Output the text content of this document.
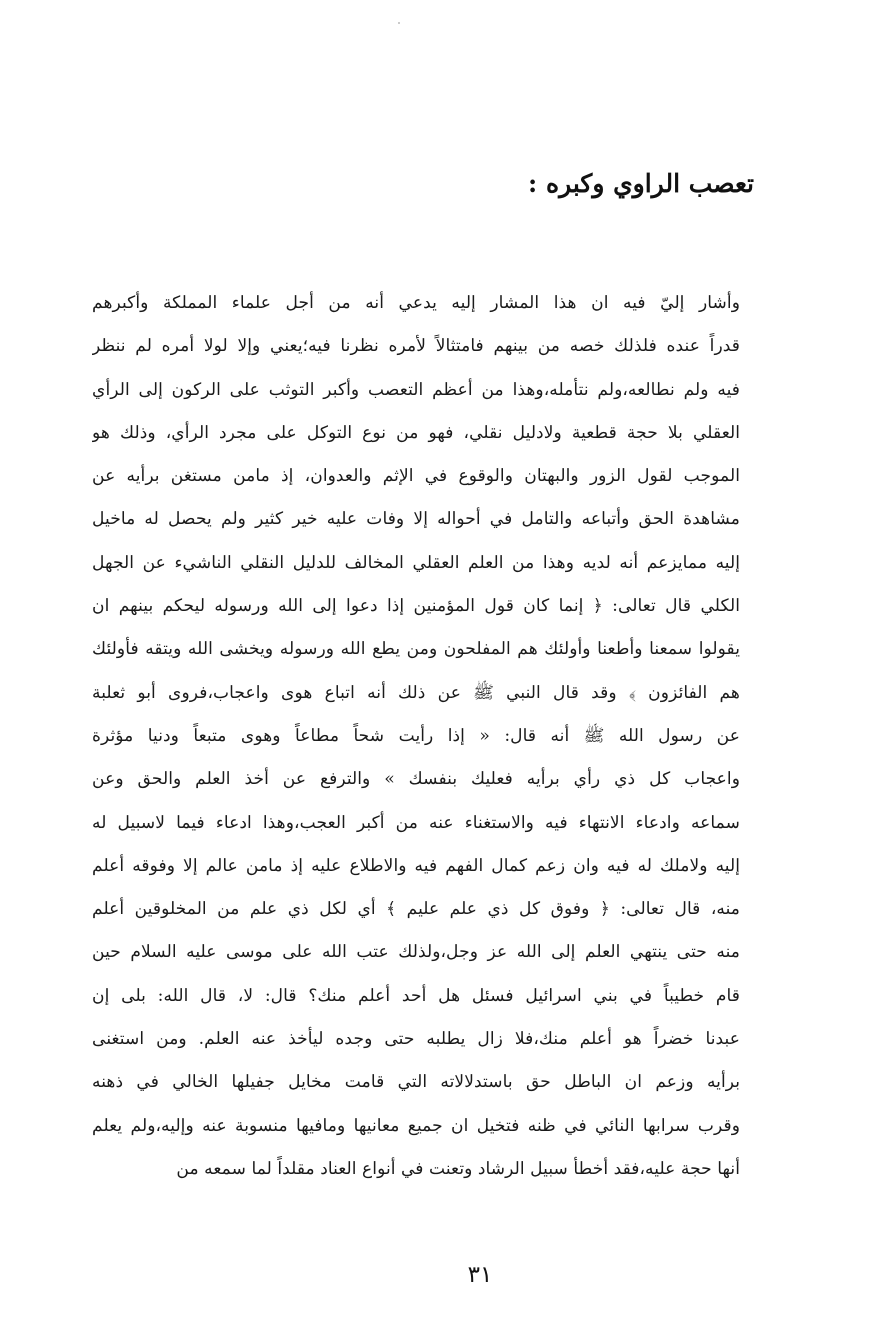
تعصب الراوي وكبره :
وأشار إليّ فيه ان هذا المشار إليه يدعي أنه من أجل علماء المملكة وأكبرهم
قدراً عنده فلذلك خصه من بينهم فامتثالاً لأمره نظرنا فيه؛يعني وإلا لولا أمره لم ننظر
فيه ولم نطالعه،ولم نتأمله،وهذا من أعظم التعصب وأكبر التوثب على الركون إلى الرأي
العقلي بلا حجة قطعية ولادليل نقلي، فهو من نوع التوكل على مجرد الرأي، وذلك هو
الموجب لقول الزور والبهتان والوقوع في الإثم والعدوان، إذ مامن مستغن برأيه عن
مشاهدة الحق وأتباعه والتامل في أحواله إلا وفات عليه خير كثير ولم يحصل له ماخيل
إليه ممايزعم أنه لديه وهذا من العلم العقلي المخالف للدليل النقلي الناشيء عن الجهل
الكلي قال تعالى: ﴿ إنما كان قول المؤمنين إذا دعوا إلى الله ورسوله ليحكم بينهم ان
يقولوا سمعنا وأطعنا وأولئك هم المفلحون ومن يطع الله ورسوله ويخشى الله ويتقه فأولئك
هم الفائزون ﴾ وقد قال النبي ﷺ عن ذلك أنه اتباع هوى واعجاب،فروى أبو ثعلبة
عن رسول الله ﷺ أنه قال: « إذا رأيت شحاً مطاعاً وهوى متبعاً ودنيا مؤثرة
واعجاب كل ذي رأي برأيه فعليك بنفسك » والترفع عن أخذ العلم والحق وعن
سماعه وادعاء الانتهاء فيه والاستغناء عنه من أكبر العجب،وهذا ادعاء فيما لاسبيل له
إليه ولاملك له فيه وان زعم كمال الفهم فيه والاطلاع عليه إذ مامن عالم إلا وفوقه أعلم
منه، قال تعالى: ﴿ وفوق كل ذي علم عليم ﴾ أي لكل ذي علم من المخلوقين أعلم
منه حتى ينتهي العلم إلى الله عز وجل،ولذلك عتب الله على موسى عليه السلام حين
قام خطيباً في بني اسرائيل فسئل هل أحد أعلم منك؟ قال: لا، قال الله: بلى إن
عبدنا خضراً هو أعلم منك،فلا زال يطلبه حتى وجده ليأخذ عنه العلم. ومن استغنى
برأيه وزعم ان الباطل حق باستدلالاته التي قامت مخايل جفيلها الخالي في ذهنه
وقرب سرابها النائي في ظنه فتخيل ان جميع معانيها ومافيها منسوبة عنه وإليه،ولم يعلم
أنها حجة عليه،فقد أخطأ سبيل الرشاد وتعنت في أنواع العناد مقلداً لما سمعه من
٣١
